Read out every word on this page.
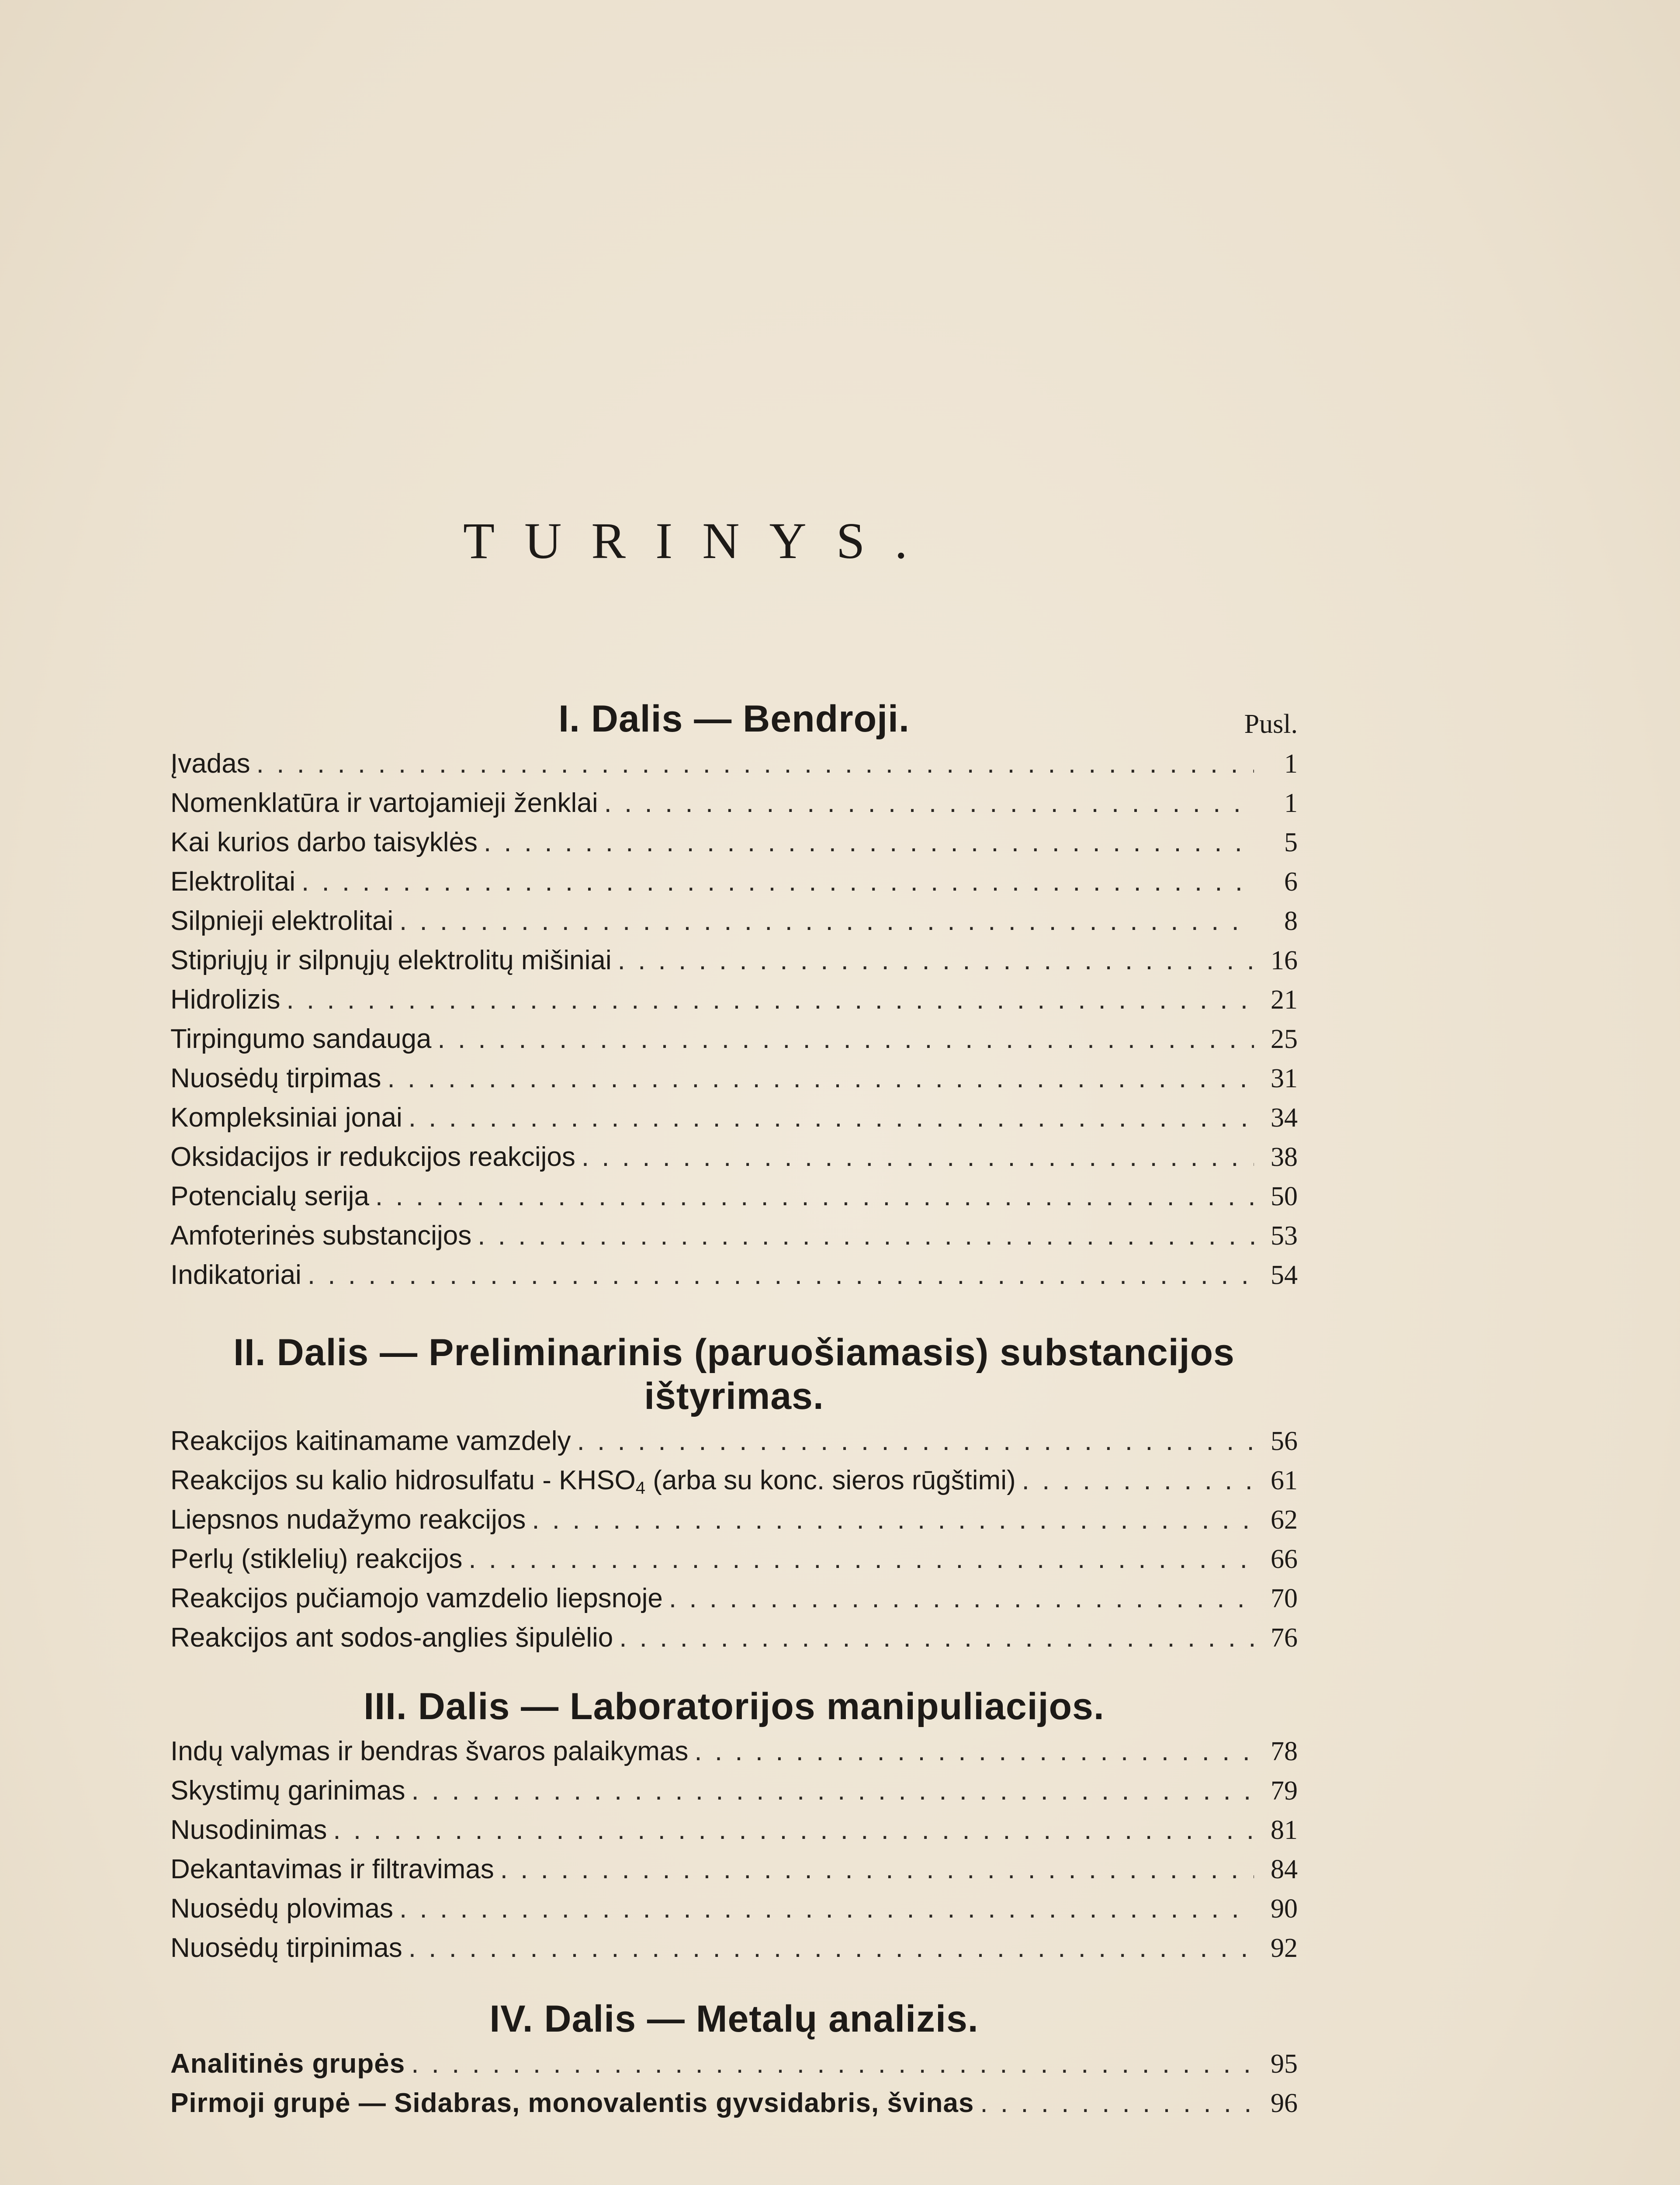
TURINYS.
I. Dalis — Bendroji.	Pusl.
Įvadas . . .	1
Nomenklatūra ir vartojamieji ženklai . . .	1
Kai kurios darbo taisyklės . . .	5
Elektrolitai . . .	6
Silpnieji elektrolitai . . .	8
Stipriųjų ir silpnųjų elektrolitų mišiniai . . .	16
Hidrolizis . . .	21
Tirpingumo sandauga . . .	25
Nuosėdų tirpimas . . .	31
Kompleksiniai jonai . . .	34
Oksidacijos ir redukcijos reakcijos . . .	38
Potencialų serija . . .	50
Amfoterinės substancijos . . .	53
Indikatoriai . . .	54
II. Dalis — Preliminarinis (paruošiamasis) substancijos
ištyrimas.
Reakcijos kaitinamame vamzdely . . .	56
Reakcijos su kalio hidrosulfatu - $KHSO_4$ (arba su konc. sieros rūgštimi) . . .	61
Liepsnos nudažymo reakcijos . . .	62
Perlų (stiklelių) reakcijos . . .	66
Reakcijos pučiamojo vamzdelio liepsnoje . . .	70
Reakcijos ant sodos-anglies šipulėlio . . .	76
III. Dalis — Laboratorijos manipuliacijos.
Indų valymas ir bendras švaros palaikymas . . .	78
Skystimų garinimas . . .	79
Nusodinimas . . .	81
Dekantavimas ir filtravimas . . .	84
Nuosėdų plovimas . . .	90
Nuosėdų tirpinimas . . .	92
IV. Dalis — Metalų analizis.
Analitinės grupės . . .	95
Pirmoji grupė — Sidabras, monovalentis gyvsidabris, švinas . . .	96
